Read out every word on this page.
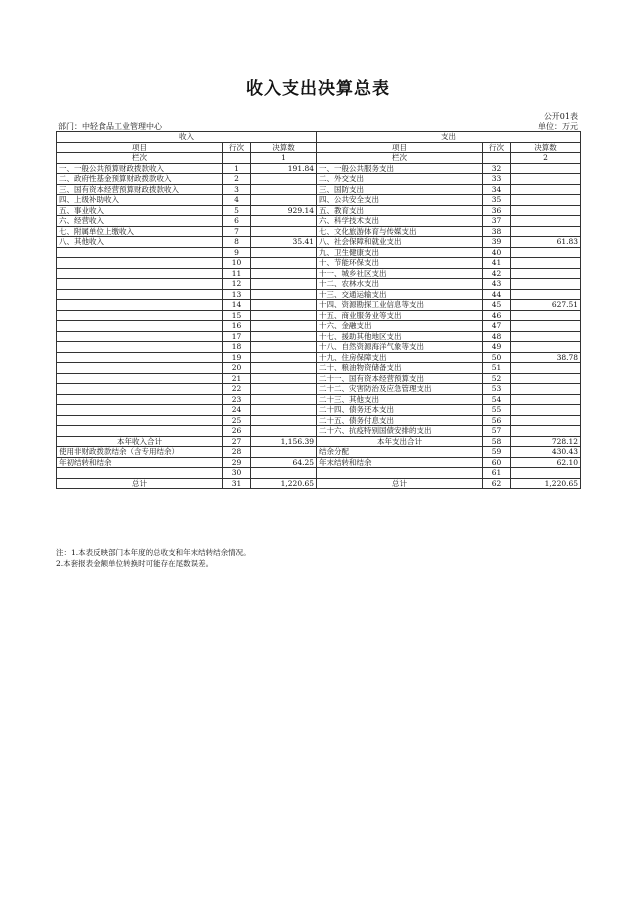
收入支出决算总表
公开01表
部门：中轻食品工业管理中心	单位：万元
收入			支出		
项目	行次	决算数	项目	行次	决算数
栏次		1	栏次		2
一、一般公共预算财政拨款收入	1	191.84	一、一般公共服务支出	32	
二、政府性基金预算财政拨款收入	2		二、外交支出	33	
三、国有资本经营预算财政拨款收入	3		三、国防支出	34	
四、上级补助收入	4		四、公共安全支出	35	
五、事业收入	5	929.14	五、教育支出	36	
六、经营收入	6		六、科学技术支出	37	
七、附属单位上缴收入	7		七、文化旅游体育与传媒支出	38	
八、其他收入	8	35.41	八、社会保障和就业支出	39	61.83
	9		九、卫生健康支出	40	
	10		十、节能环保支出	41	
	11		十一、城乡社区支出	42	
	12		十二、农林水支出	43	
	13		十三、交通运输支出	44	
	14		十四、资源勘探工业信息等支出	45	627.51
	15		十五、商业服务业等支出	46	
	16		十六、金融支出	47	
	17		十七、援助其他地区支出	48	
	18		十八、自然资源海洋气象等支出	49	
	19		十九、住房保障支出	50	38.78
	20		二十、粮油物资储备支出	51	
	21		二十一、国有资本经营预算支出	52	
	22		二十二、灾害防治及应急管理支出	53	
	23		二十三、其他支出	54	
	24		二十四、债务还本支出	55	
	25		二十五、债务付息支出	56	
	26		二十六、抗疫特别国债安排的支出	57	
本年收入合计	27	1,156.39	本年支出合计	58	728.12
使用非财政拨款结余（含专用结余）	28		结余分配	59	430.43
年初结转和结余	29	64.25	年末结转和结余	60	62.10
	30			61	
总计	31	1,220.65	总计	62	1,220.65
注：1.本表反映部门本年度的总收支和年末结转结余情况。
2.本套报表金额单位转换时可能存在尾数误差。
